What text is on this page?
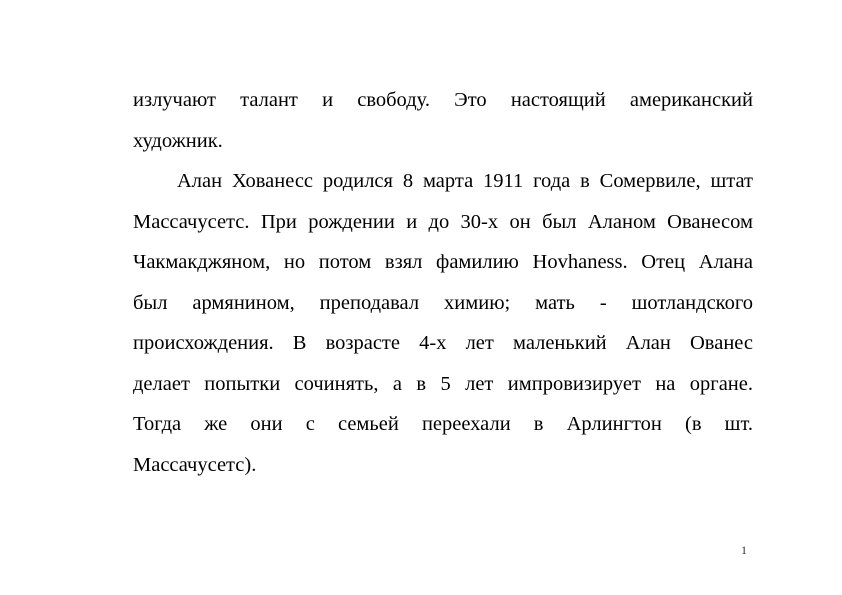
излучают талант и свободу. Это настоящий американский
художник.
Алан Хованесс родился 8 марта 1911 года в Сомервиле, штат
Массачусетс. При рождении и до 30-х он был Аланом Ованесом
Чакмакджяном, но потом взял фамилию Hovhaness. Отец Алана
был армянином, преподавал химию; мать - шотландского
происхождения. В возрасте 4-х лет маленький Алан Ованес
делает попытки сочинять, а в 5 лет импровизирует на органе.
Тогда же они с семьей переехали в Арлингтон (в шт.
Массачусетс).
1
